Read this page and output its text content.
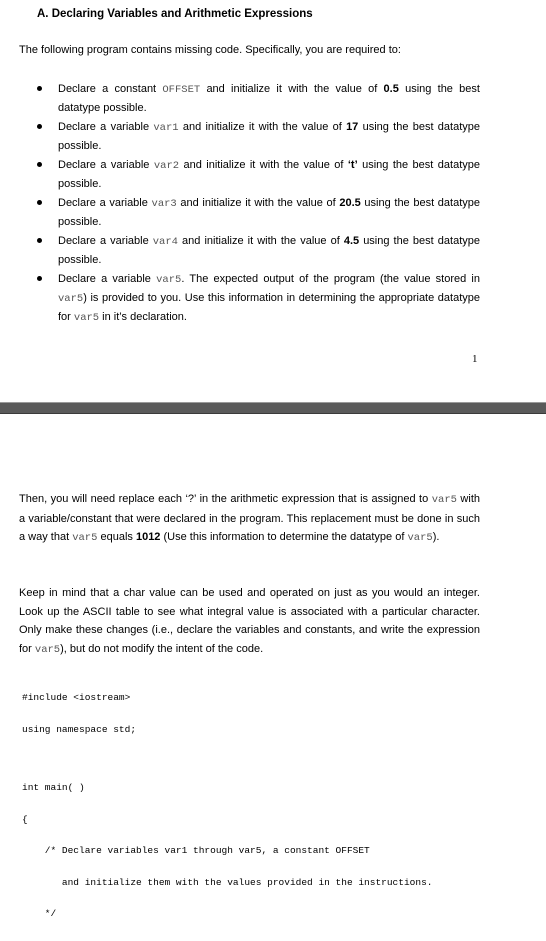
A. Declaring Variables and Arithmetic Expressions
The following program contains missing code. Specifically, you are required to:
Declare a constant OFFSET and initialize it with the value of 0.5 using the best datatype possible.
Declare a variable var1 and initialize it with the value of 17 using the best datatype possible.
Declare a variable var2 and initialize it with the value of ‘t’ using the best datatype possible.
Declare a variable var3 and initialize it with the value of 20.5 using the best datatype possible.
Declare a variable var4 and initialize it with the value of 4.5 using the best datatype possible.
Declare a variable var5. The expected output of the program (the value stored in var5) is provided to you. Use this information in determining the appropriate datatype for var5 in it’s declaration.
1

Then, you will need replace each ‘?’ in the arithmetic expression that is assigned to var5 with a variable/constant that were declared in the program. This replacement must be done in such a way that var5 equals 1012 (Use this information to determine the datatype of var5).

Keep in mind that a char value can be used and operated on just as you would an integer. Look up the ASCII table to see what integral value is associated with a particular character. Only make these changes (i.e., declare the variables and constants, and write the expression for var5), but do not modify the intent of the code.

#include <iostream>

using namespace std;

int main( )

{

/* Declare variables var1 through var5, a constant OFFSET

and initialize them with the values provided in the instructions.

*/
